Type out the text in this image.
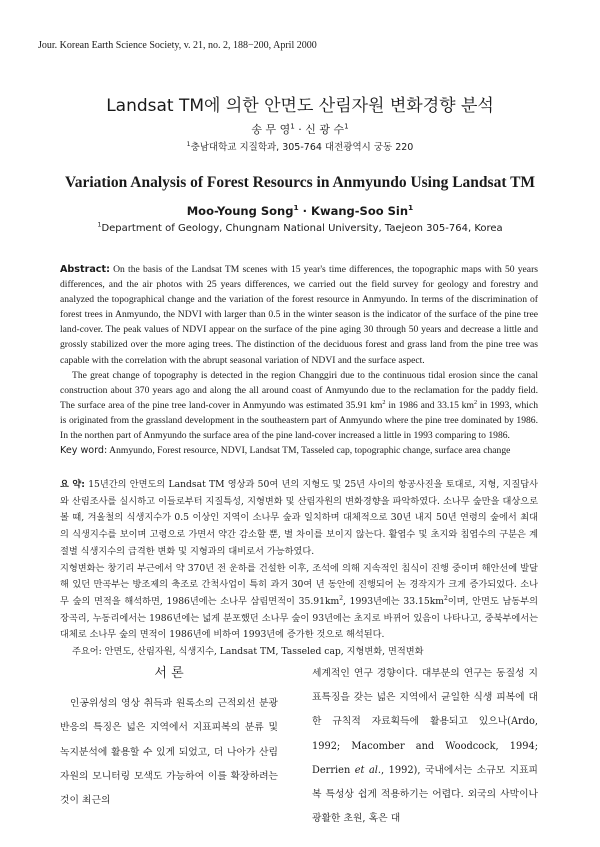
Jour. Korean Earth Science Society, v. 21, no. 2, 188−200, April 2000
Landsat TM에 의한 안면도 산림자원 변화경향 분석
송 무 영$^1$ · 신 광 수$^1$
$^1$충남대학교 지질학과, 305-764 대전광역시 궁동 220
Variation Analysis of Forest Resourcs in Anmyundo Using Landsat TM
Moo-Young Song$^1$ · Kwang-Soo Sin$^1$
$^1$Department of Geology, Chungnam National University, Taejeon 305-764, Korea

Abstract: On the basis of the Landsat TM scenes with 15 year's time differences, the topographic maps with 50 years differences, and the air photos with 25 years differences, we carried out the field survey for geology and forestry and analyzed the topographical change and the variation of the forest resource in Anmyundo. In terms of the discrimination of forest trees in Anmyundo, the NDVI with larger than 0.5 in the winter season is the indicator of the surface of the pine tree land-cover. The peak values of NDVI appear on the surface of the pine aging 30 through 50 years and decrease a little and grossly stabilized over the more aging trees. The distinction of the deciduous forest and grass land from the pine tree was capable with the correlation with the abrupt seasonal variation of NDVI and the surface aspect.

The great change of topography is detected in the region Changgiri due to the continuous tidal erosion since the canal construction about 370 years ago and along the all around coast of Anmyundo due to the reclamation for the paddy field. The surface area of the pine tree land-cover in Anmyundo was estimated 35.91 $km^2$ in 1986 and 33.15 $km^2$ in 1993, which is originated from the grassland development in the southeastern part of Anmyundo where the pine tree dominated by 1986. In the northen part of Anmyundo the surface area of the pine land-cover increased a little in 1993 comparing to 1986.

Key word: Anmyundo, Forest resource, NDVI, Landsat TM, Tasseled cap, topographic change, surface area change

요 약: 15년간의 안면도의 Landsat TM 영상과 50여 년의 지형도 및 25년 사이의 항공사진을 토대로, 지형, 지질답사와 산림조사를 실시하고 이들로부터 지질특성, 지형변화 및 산림자원의 변화경향을 파악하였다. 소나무 숲만을 대상으로 볼 때, 겨울철의 식생지수가 0.5 이상인 지역이 소나무 숲과 일치하며 대체적으로 30년 내지 50년 연령의 숲에서 최대의 식생지수를 보이며 고령으로 가면서 약간 감소할 뿐, 별 차이를 보이지 않는다. 활엽수 및 초지와 침엽수의 구분은 계절별 식생지수의 급격한 변화 및 지형과의 대비로서 가능하였다.

지형변화는 창기리 부근에서 약 370년 전 운하를 건설한 이후, 조석에 의해 지속적인 침식이 진행 중이며 해안선에 발달해 있던 만곡부는 방조제의 축조로 간척사업이 특히 과거 30여 년 동안에 진행되어 논 경작지가 크게 증가되었다. 소나무 숲의 면적을 해석하면, 1986년에는 소나무 삼림면적이 $35.91km^2$, 1993년에는 $33.15km^2$이며, 안면도 남동부의 장곡리, 누동리에서는 1986년에는 넓게 분포했던 소나무 숲이 93년에는 초지로 바뀌어 있음이 나타나고, 중북부에서는 대체로 소나무 숲의 면적이 1986년에 비하여 1993년에 증가한 것으로 해석된다.

주요어: 안면도, 산림자원, 식생지수, Landsat TM, Tasseled cap, 지형변화, 면적변화

서 론

인공위성의 영상 취득과 원록소의 근적외선 분광반응의 특징은 넓은 지역에서 지표피복의 분류 및 녹지분석에 활용할 수 있게 되었고, 더 나아가 산림자원의 모니터링 모색도 가능하여 이를 확장하려는 것이 최근의

세계적인 연구 경향이다. 대부분의 연구는 동질성 지표특징을 갖는 넓은 지역에서 균일한 식생 피복에 대한 규칙적 자료획득에 활용되고 있으나(Ardo, 1992; Macomber and Woodcock, 1994; Derrien et al., 1992), 국내에서는 소규모 지표피복 특성상 쉽게 적용하기는 어렵다. 외국의 사막이나 광활한 초원, 혹은 대
